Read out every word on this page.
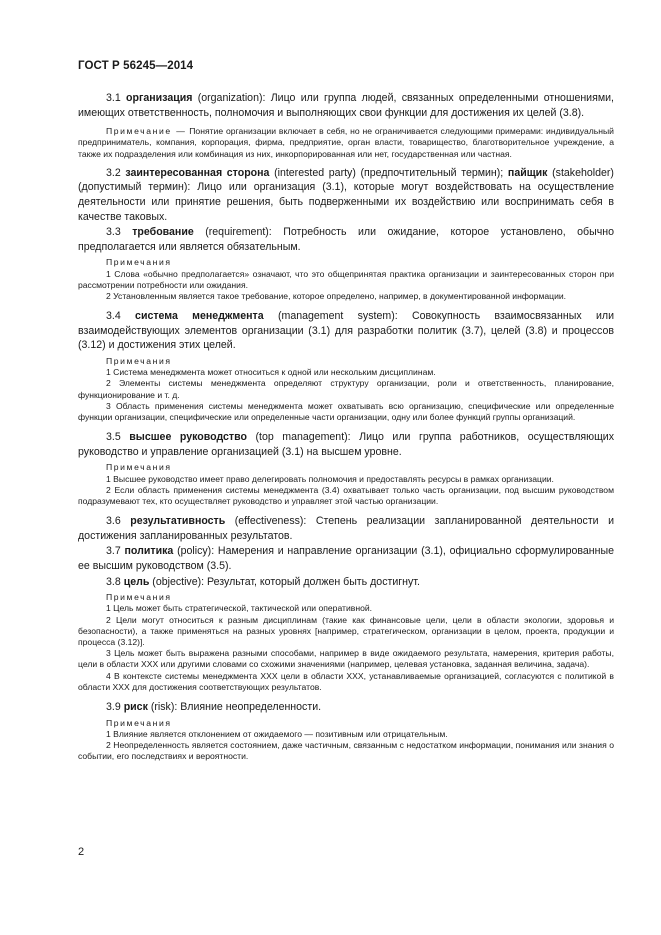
ГОСТ Р 56245—2014

3.1 организация (organization): Лицо или группа людей, связанных определенными отношениями, имеющих ответственность, полномочия и выполняющих свои функции для достижения их целей (3.8).

Примечание — Понятие организации включает в себя, но не ограничивается следующими примерами: индивидуальный предприниматель, компания, корпорация, фирма, предприятие, орган власти, товарищество, благотворительное учреждение, а также их подразделения или комбинация из них, инкорпорированная или нет, государственная или частная.

3.2 заинтересованная сторона (interested party) (предпочтительный термин); пайщик (stakeholder) (допустимый термин): Лицо или организация (3.1), которые могут воздействовать на осуществление деятельности или принятие решения, быть подверженными их воздействию или воспринимать себя в качестве таковых.

3.3 требование (requirement): Потребность или ожидание, которое установлено, обычно предполагается или является обязательным.

Примечания

1 Слова «обычно предполагается» означают, что это общепринятая практика организации и заинтересованных сторон при рассмотрении потребности или ожидания.

2 Установленным является такое требование, которое определено, например, в документированной информации.

3.4 система менеджмента (management system): Совокупность взаимосвязанных или взаимодействующих элементов организации (3.1) для разработки политик (3.7), целей (3.8) и процессов (3.12) и достижения этих целей.

Примечания

1 Система менеджмента может относиться к одной или нескольким дисциплинам.

2 Элементы системы менеджмента определяют структуру организации, роли и ответственность, планирование, функционирование и т. д.

3 Область применения системы менеджмента может охватывать всю организацию, специфические или определенные функции организации, специфические или определенные части организации, одну или более функций группы организаций.

3.5 высшее руководство (top management): Лицо или группа работников, осуществляющих руководство и управление организацией (3.1) на высшем уровне.

Примечания

1 Высшее руководство имеет право делегировать полномочия и предоставлять ресурсы в рамках организации.

2 Если область применения системы менеджмента (3.4) охватывает только часть организации, под высшим руководством подразумевают тех, кто осуществляет руководство и управляет этой частью организации.

3.6 результативность (effectiveness): Степень реализации запланированной деятельности и достижения запланированных результатов.

3.7 политика (policy): Намерения и направление организации (3.1), официально сформулированные ее высшим руководством (3.5).

3.8 цель (objective): Результат, который должен быть достигнут.

Примечания

1 Цель может быть стратегической, тактической или оперативной.

2 Цели могут относиться к разным дисциплинам (такие как финансовые цели, цели в области экологии, здоровья и безопасности), а также применяться на разных уровнях [например, стратегическом, организации в целом, проекта, продукции и процесса (3.12)].

3 Цель может быть выражена разными способами, например в виде ожидаемого результата, намерения, критерия работы, цели в области XXX или другими словами со схожими значениями (например, целевая установка, заданная величина, задача).

4 В контексте системы менеджмента XXX цели в области XXX, устанавливаемые организацией, согласуются с политикой в области XXX для достижения соответствующих результатов.

3.9 риск (risk): Влияние неопределенности.

Примечания

1 Влияние является отклонением от ожидаемого — позитивным или отрицательным.

2 Неопределенность является состоянием, даже частичным, связанным с недостатком информации, понимания или знания о событии, его последствиях и вероятности.

2
